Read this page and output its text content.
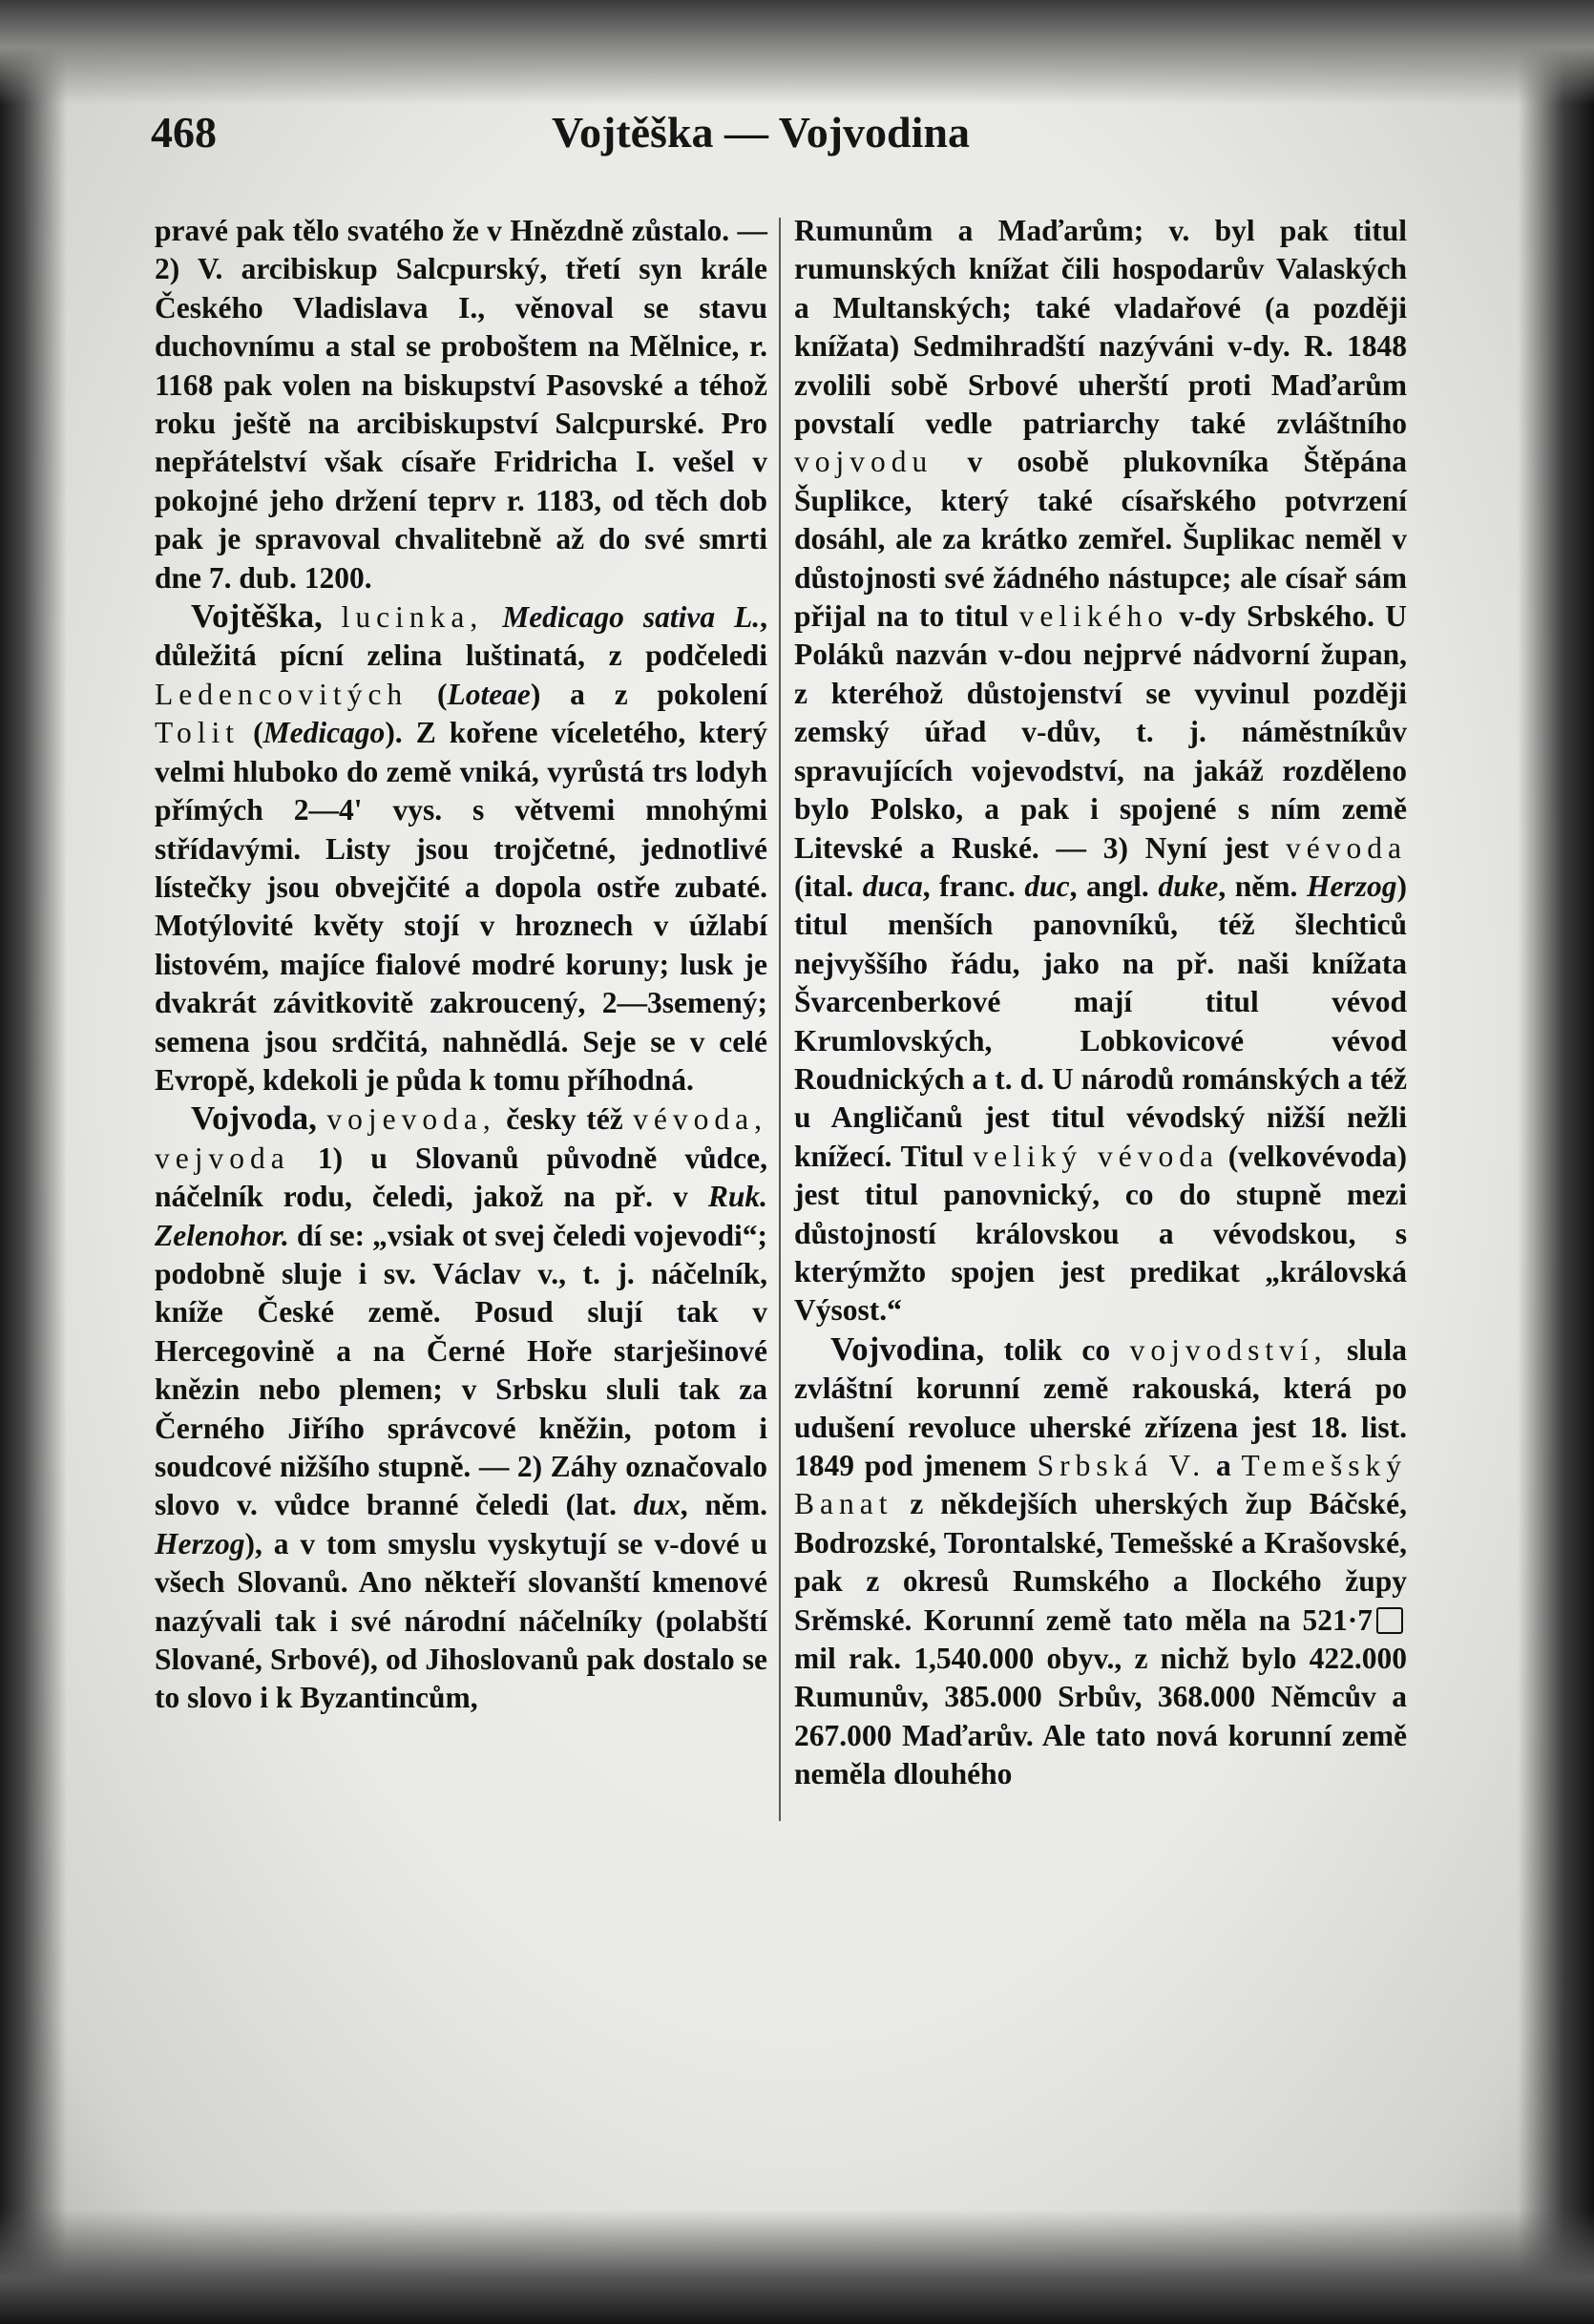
468	Vojtěška — Vojvodina

pravé pak tělo svatého že v Hnězdně zůstalo. — 2) V. arcibiskup Salcpurský, třetí syn krále Českého Vladislava I., věnoval se stavu duchovnímu a stal se proboštem na Mělnice, r. 1168 pak volen na biskupství Pasovské a téhož roku ještě na arcibiskupství Salcpurské. Pro nepřátelství však císaře Fridricha I. vešel v pokojné jeho držení teprv r. 1183, od těch dob pak je spravoval chvalitebně až do své smrti dne 7. dub. 1200.

Vojtěška, lucinka, Medicago sativa L., důležitá pícní zelina luštinatá, z podčeledi Ledencovitých (Loteae) a z pokolení Tolit (Medicago). Z kořene víceletého, který velmi hluboko do země vniká, vyrůstá trs lodyh přímých 2—4' vys. s větvemi mnohými střídavými. Listy jsou trojčetné, jednotlivé lístečky jsou obvejčité a dopola ostře zubaté. Motýlovité květy stojí v hroznech v úžlabí listovém, majíce fialové modré koruny; lusk je dvakrát závitkovitě zakroucený, 2—3semený; semena jsou srdčitá, nahnědlá. Seje se v celé Evropě, kdekoli je půda k tomu příhodná.

Vojvoda, vojevoda, česky též vévoda, vejvoda 1) u Slovanů původně vůdce, náčelník rodu, čeledi, jakož na př. v Ruk. Zelenohor. dí se: „vsiak ot svej čeledi vojevodi“; podobně sluje i sv. Václav v., t. j. náčelník, kníže České země. Posud slují tak v Hercegovině a na Černé Hoře starješinové knězin nebo plemen; v Srbsku sluli tak za Černého Jiřího správcové kněžin, potom i soudcové nižšího stupně. — 2) Záhy označovalo slovo v. vůdce branné čeledi (lat. dux, něm. Herzog), a v tom smyslu vyskytují se v-dové u všech Slovanů. Ano někteří slovanští kmenové nazývali tak i své národní náčelníky (polabští Slované, Srbové), od Jihoslovanů pak dostalo se to slovo i k Byzantincům,

Rumunům a Maďarům; v. byl pak titul rumunských knížat čili hospodarův Valaských a Multanských; také vladařové (a později knížata) Sedmihradští nazýváni v-dy. R. 1848 zvolili sobě Srbové uherští proti Maďarům povstalí vedle patriarchy také zvláštního vojvodu v osobě plukovníka Štěpána Šuplikce, který také císařského potvrzení dosáhl, ale za krátko zemřel. Šuplikac neměl v důstojnosti své žádného nástupce; ale císař sám přijal na to titul velikého v-dy Srbského. U Poláků nazván v-dou nejprvé nádvorní župan, z kteréhož důstojenství se vyvinul později zemský úřad v-dův, t. j. náměstníkův spravujících vojevodství, na jakáž rozděleno bylo Polsko, a pak i spojené s ním země Litevské a Ruské. — 3) Nyní jest vévoda (ital. duca, franc. duc, angl. duke, něm. Herzog) titul menších panovníků, též šlechticů nejvyššího řádu, jako na př. naši knížata Švarcenberkové mají titul vévod Krumlovských, Lobkovicové vévod Roudnických a t. d. U národů románských a též u Angličanů jest titul vévodský nižší nežli knížecí. Titul veliký vévoda (velkovévoda) jest titul panovnický, co do stupně mezi důstojností královskou a vévodskou, s kterýmžto spojen jest predikat „královská Výsost.“

Vojvodina, tolik co vojvodství, slula zvláštní korunní země rakouská, která po udušení revoluce uherské zřízena jest 18. list. 1849 pod jmenem Srbská V. a Temešský Banat z někdejších uherských žup Báčské, Bodrozské, Torontalské, Temešské a Krašovské, pak z okresů Rumského a Ilockého župy Srěmské. Korunní země tato měla na 521·7mil rak. 1,540.000 obyv., z nichž bylo 422.000 Rumunův, 385.000 Srbův, 368.000 Němcův a 267.000 Maďarův. Ale tato nová korunní země neměla dlouhého
